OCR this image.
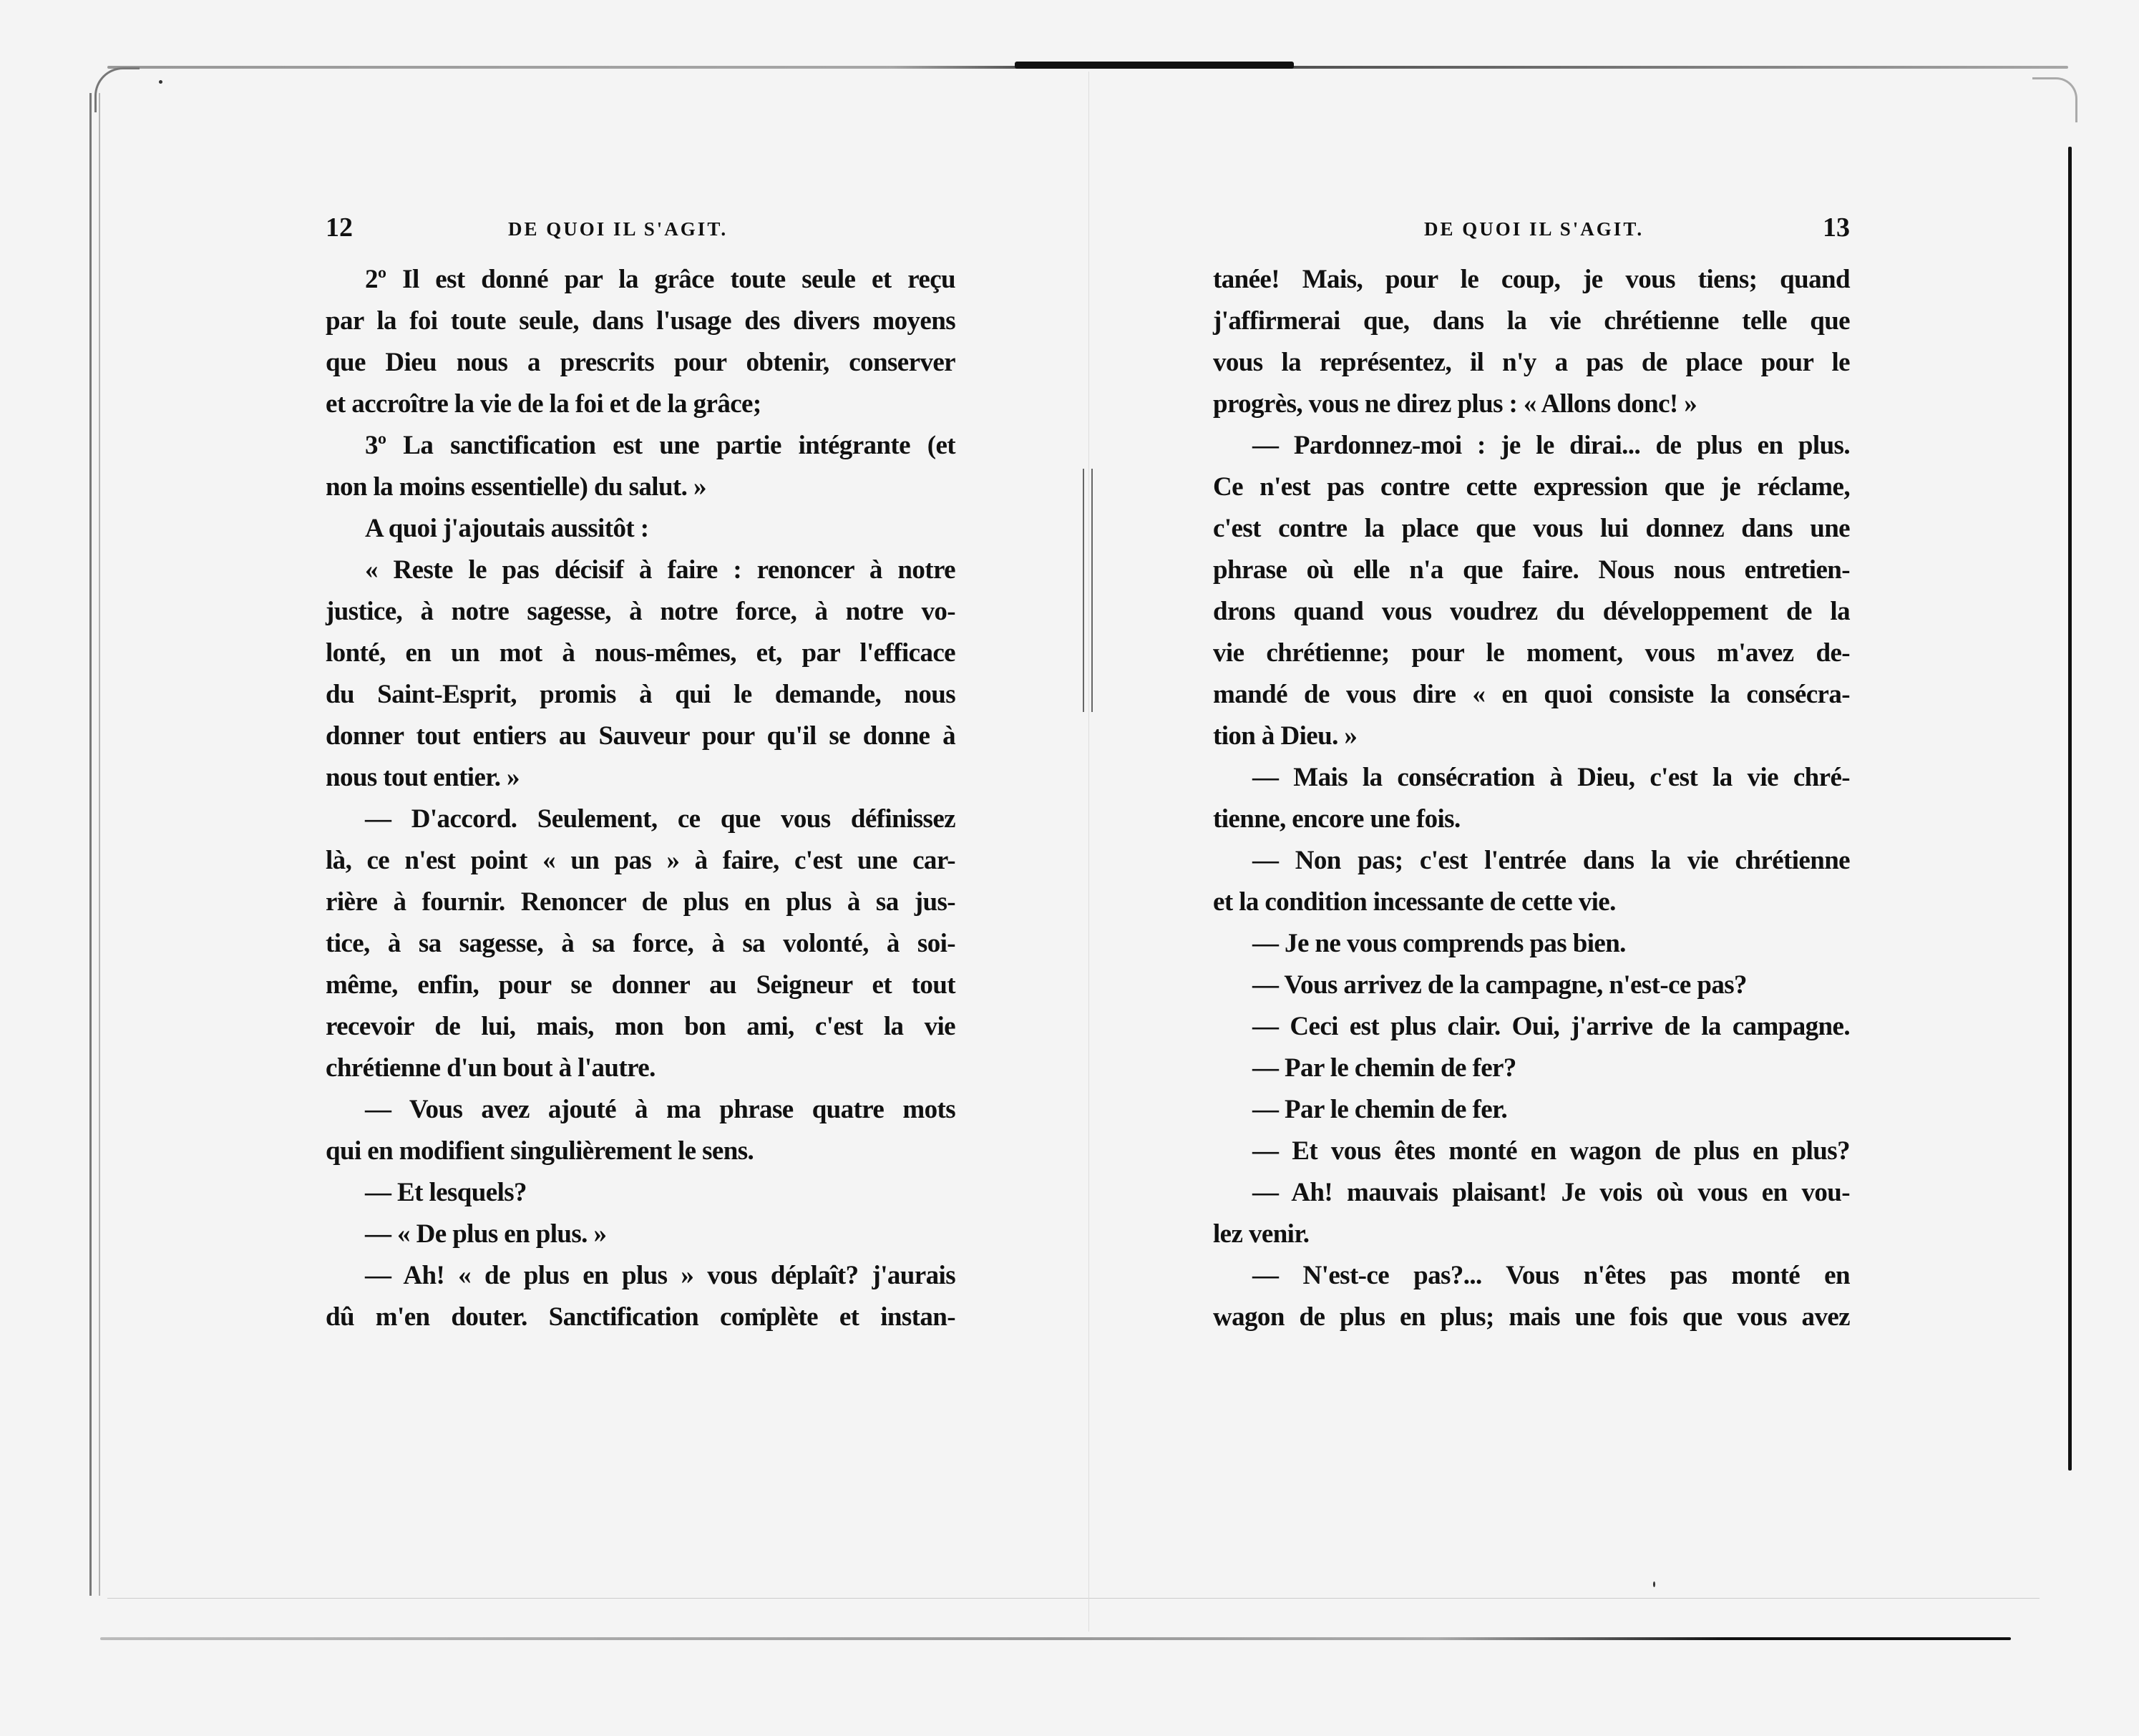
12	DE QUOI IL S'AGIT.
2º Il est donné par la grâce toute seule et reçu
par la foi toute seule, dans l'usage des divers moyens
que Dieu nous a prescrits pour obtenir, conserver
et accroître la vie de la foi et de la grâce;
3º La sanctification est une partie intégrante (et
non la moins essentielle) du salut. »
A quoi j'ajoutais aussitôt :
« Reste le pas décisif à faire : renoncer à notre
justice, à notre sagesse, à notre force, à notre vo-
lonté, en un mot à nous-mêmes, et, par l'efficace
du Saint-Esprit, promis à qui le demande, nous
donner tout entiers au Sauveur pour qu'il se donne à
nous tout entier. »
— D'accord. Seulement, ce que vous définissez
là, ce n'est point « un pas » à faire, c'est une car-
rière à fournir. Renoncer de plus en plus à sa jus-
tice, à sa sagesse, à sa force, à sa volonté, à soi-
même, enfin, pour se donner au Seigneur et tout
recevoir de lui, mais, mon bon ami, c'est la vie
chrétienne d'un bout à l'autre.
— Vous avez ajouté à ma phrase quatre mots
qui en modifient singulièrement le sens.
— Et lesquels?
— « De plus en plus. »
— Ah! « de plus en plus » vous déplaît? j'aurais
dû m'en douter. Sanctification complète et instan-
DE QUOI IL S'AGIT.	13
tanée! Mais, pour le coup, je vous tiens; quand
j'affirmerai que, dans la vie chrétienne telle que
vous la représentez, il n'y a pas de place pour le
progrès, vous ne direz plus : « Allons donc! »
— Pardonnez-moi : je le dirai... de plus en plus.
Ce n'est pas contre cette expression que je réclame,
c'est contre la place que vous lui donnez dans une
phrase où elle n'a que faire. Nous nous entretien-
drons quand vous voudrez du développement de la
vie chrétienne; pour le moment, vous m'avez de-
mandé de vous dire « en quoi consiste la consécra-
tion à Dieu. »
— Mais la consécration à Dieu, c'est la vie chré-
tienne, encore une fois.
— Non pas; c'est l'entrée dans la vie chrétienne
et la condition incessante de cette vie.
— Je ne vous comprends pas bien.
— Vous arrivez de la campagne, n'est-ce pas?
— Ceci est plus clair. Oui, j'arrive de la campagne.
— Par le chemin de fer?
— Par le chemin de fer.
— Et vous êtes monté en wagon de plus en plus?
— Ah! mauvais plaisant! Je vois où vous en vou-
lez venir.
— N'est-ce pas?... Vous n'êtes pas monté en
wagon de plus en plus; mais une fois que vous avez
